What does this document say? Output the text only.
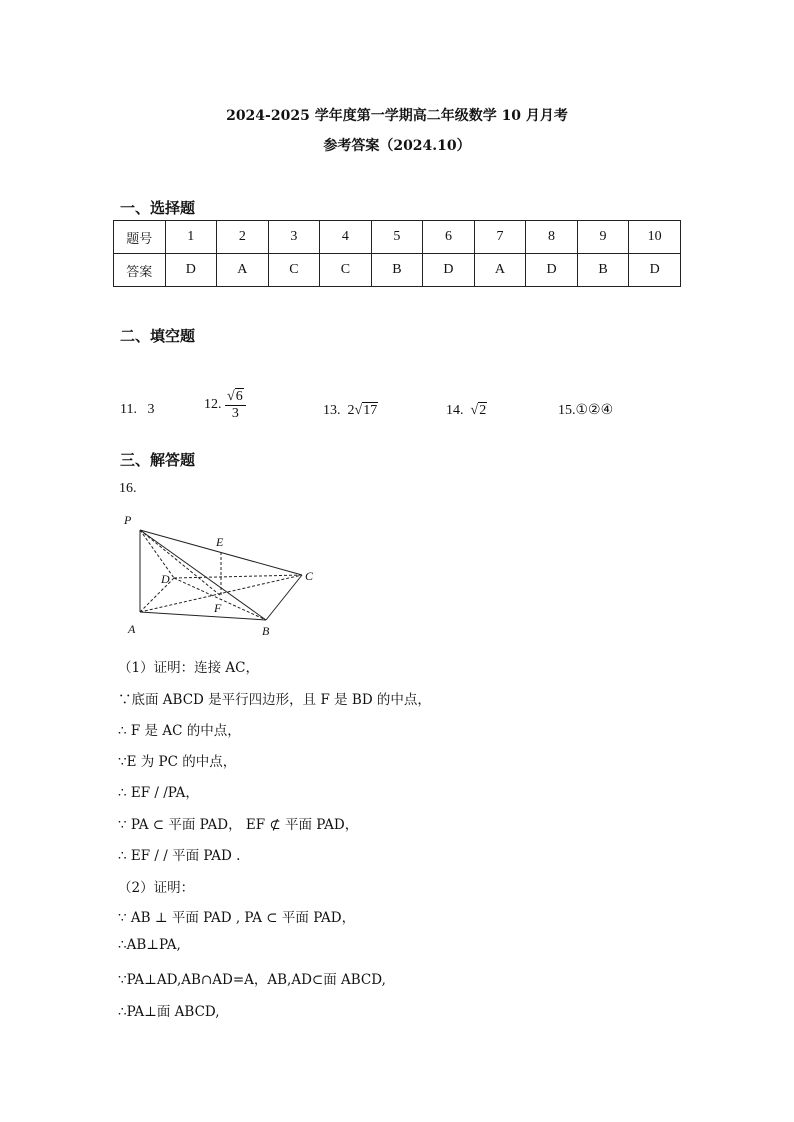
2024-2025 学年度第一学期高二年级数学 10 月月考
参考答案（2024.10）
一、选择题
题号	1	2	3	4	5	6	7	8	9	10
答案	D	A	C	C	B	D	A	D	B	D
二、填空题
11. 3	12. $\frac{√6}{3}$	13. 2√17	14.  √2	15.①②④
三、解答题
16.
P
E
D	C
F
A	B
（1）证明：连接 AC，
∵底面 ABCD 是平行四边形，且 F 是 BD 的中点，
∴ F 是 AC 的中点，
∵E 为 PC 的中点，
∴ EF / /PA，
∵ PA ⊂ 平面 PAD， EF ⊄ 平面 PAD，
∴ EF / / 平面 PAD .
（2）证明：
∵ AB ⊥ 平面 PAD , PA ⊂ 平面 PAD，
∴AB⊥PA,
∵PA⊥AD,AB∩AD=A，AB,AD⊂面 ABCD,
∴PA⊥面 ABCD,
